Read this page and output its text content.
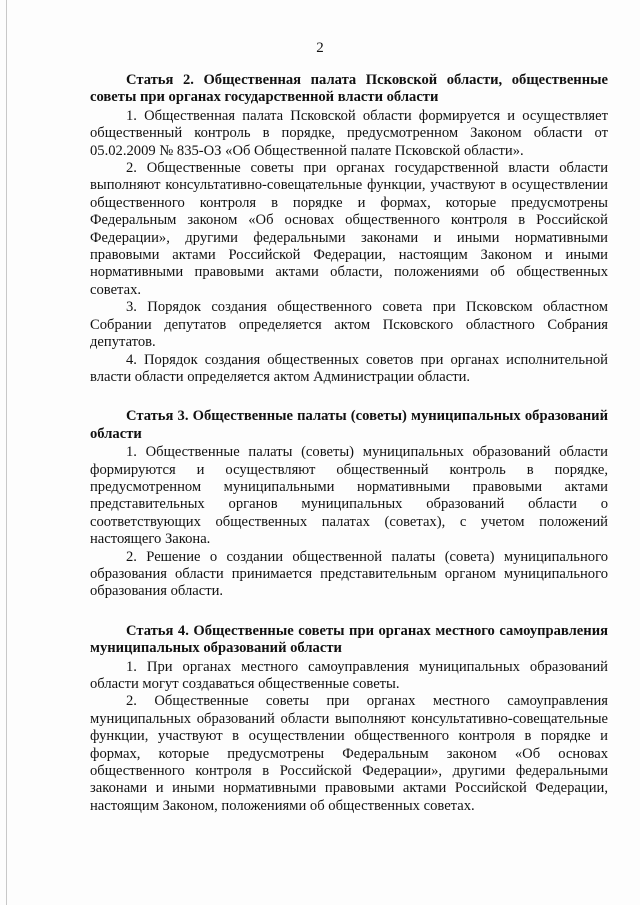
2

Статья 2. Общественная палата Псковской области, общественные советы при органах государственной власти области

1. Общественная палата Псковской области формируется и осуществляет общественный контроль в порядке, предусмотренном Законом области от 05.02.2009 № 835-ОЗ «Об Общественной палате Псковской области».

2. Общественные советы при органах государственной власти области выполняют консультативно-совещательные функции, участвуют в осуществлении общественного контроля в порядке и формах, которые предусмотрены Федеральным законом «Об основах общественного контроля в Российской Федерации», другими федеральными законами и иными нормативными правовыми актами Российской Федерации, настоящим Законом и иными нормативными правовыми актами области, положениями об общественных советах.

3. Порядок создания общественного совета при Псковском областном Собрании депутатов определяется актом Псковского областного Собрания депутатов.

4. Порядок создания общественных советов при органах исполнительной власти области определяется актом Администрации области.

Статья 3. Общественные палаты (советы) муниципальных образований области

1. Общественные палаты (советы) муниципальных образований области формируются и осуществляют общественный контроль в порядке, предусмотренном муниципальными нормативными правовыми актами представительных органов муниципальных образований области о соответствующих общественных палатах (советах), с учетом положений настоящего Закона.

2. Решение о создании общественной палаты (совета) муниципального образования области принимается представительным органом муниципального образования области.

Статья 4. Общественные советы при органах местного самоуправления муниципальных образований области

1. При органах местного самоуправления муниципальных образований области могут создаваться общественные советы.

2. Общественные советы при органах местного самоуправления муниципальных образований области выполняют консультативно-совещательные функции, участвуют в осуществлении общественного контроля в порядке и формах, которые предусмотрены Федеральным законом «Об основах общественного контроля в Российской Федерации», другими федеральными законами и иными нормативными правовыми актами Российской Федерации, настоящим Законом, положениями об общественных советах.
